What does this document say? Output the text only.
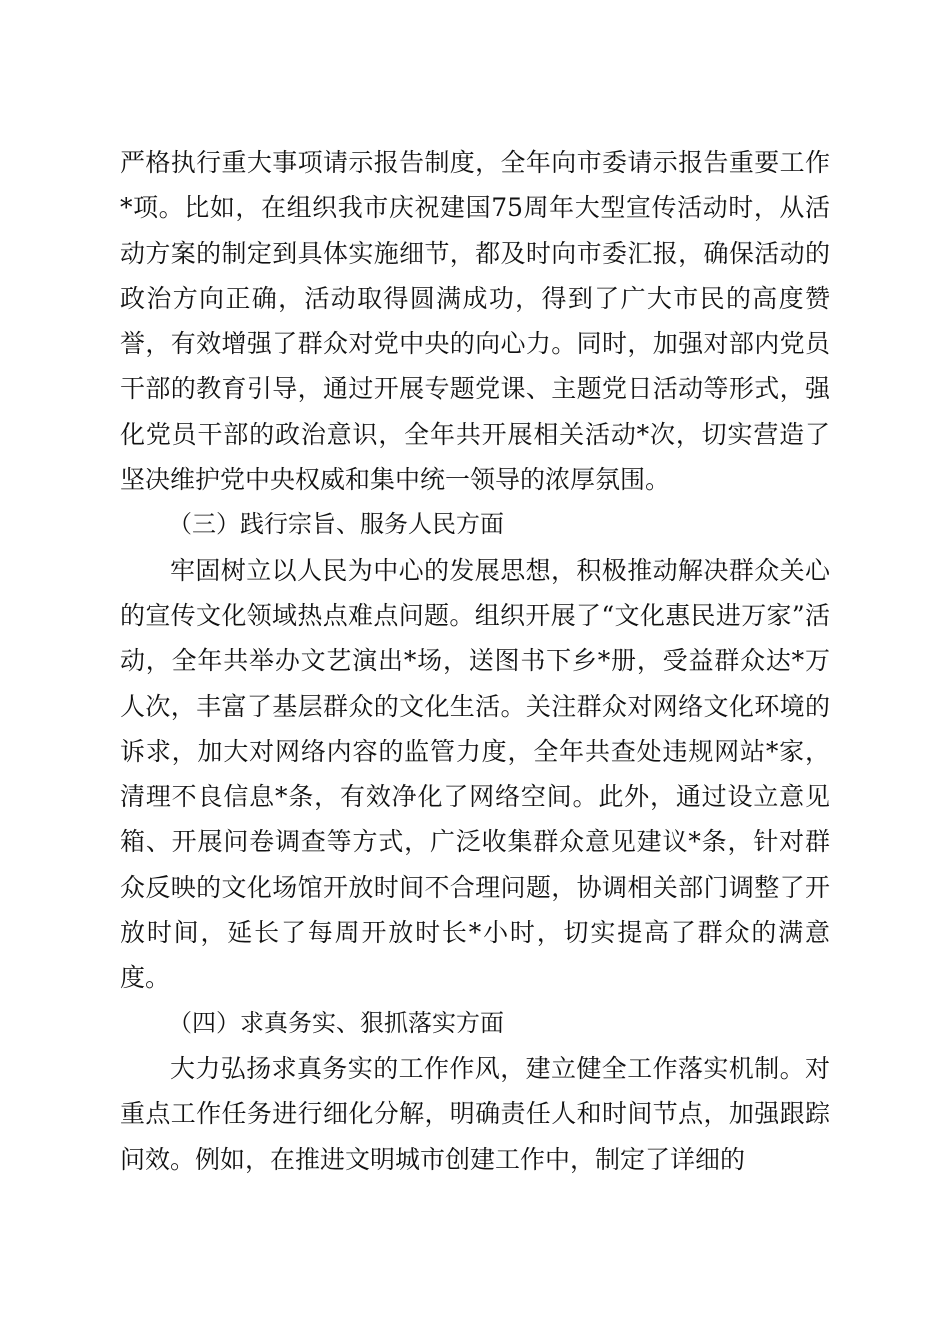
严格执行重大事项请示报告制度，全年向市委请示报告重要工作*项。比如，在组织我市庆祝建国75周年大型宣传活动时，从活动方案的制定到具体实施细节，都及时向市委汇报，确保活动的政治方向正确，活动取得圆满成功，得到了广大市民的高度赞誉，有效增强了群众对党中央的向心力。同时，加强对部内党员干部的教育引导，通过开展专题党课、主题党日活动等形式，强化党员干部的政治意识，全年共开展相关活动*次，切实营造了坚决维护党中央权威和集中统一领导的浓厚氛围。

（三）践行宗旨、服务人民方面

牢固树立以人民为中心的发展思想，积极推动解决群众关心的宣传文化领域热点难点问题。组织开展了“文化惠民进万家”活动，全年共举办文艺演出*场，送图书下乡*册，受益群众达*万人次，丰富了基层群众的文化生活。关注群众对网络文化环境的诉求，加大对网络内容的监管力度，全年共查处违规网站*家，清理不良信息*条，有效净化了网络空间。此外，通过设立意见箱、开展问卷调查等方式，广泛收集群众意见建议*条，针对群众反映的文化场馆开放时间不合理问题，协调相关部门调整了开放时间，延长了每周开放时长*小时，切实提高了群众的满意度。

（四）求真务实、狠抓落实方面

大力弘扬求真务实的工作作风，建立健全工作落实机制。对重点工作任务进行细化分解，明确责任人和时间节点，加强跟踪问效。例如，在推进文明城市创建工作中，制定了详细的
